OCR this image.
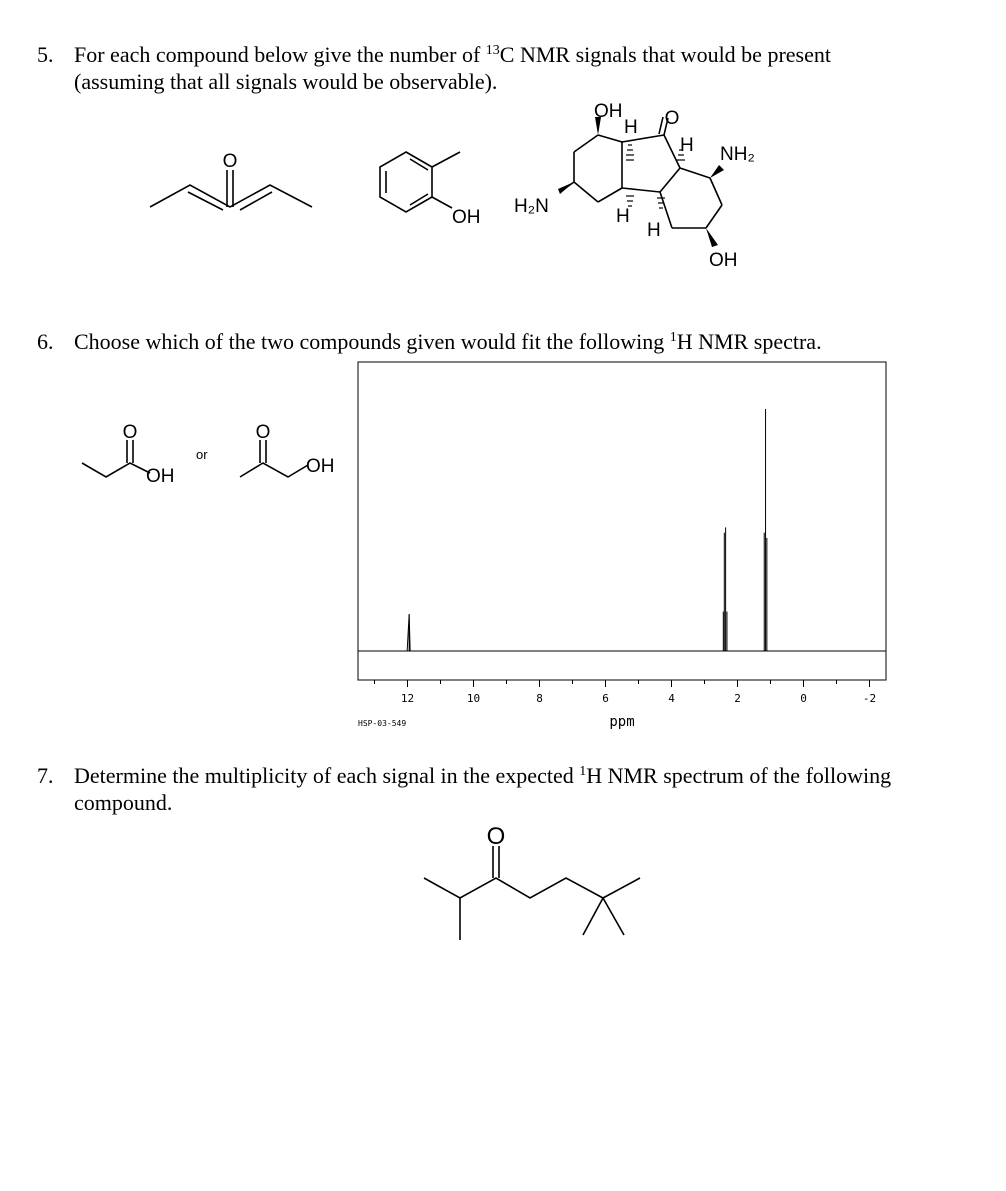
5. For each compound below give the number of $^{13}$C NMR signals that would be present
(assuming that all signals would be observable).
6. Choose which of the two compounds given would fit the following $^1$H NMR spectra.
7. Determine the multiplicity of each signal in the expected $^1$H NMR spectrum of the following
compound.
O
OH
OH
H O
H NH₂
H₂N	H
H
OH
O
OH
O
OH
or
O
12	10	8	6	4	2	0	-2
ppm
HSP-03-549
